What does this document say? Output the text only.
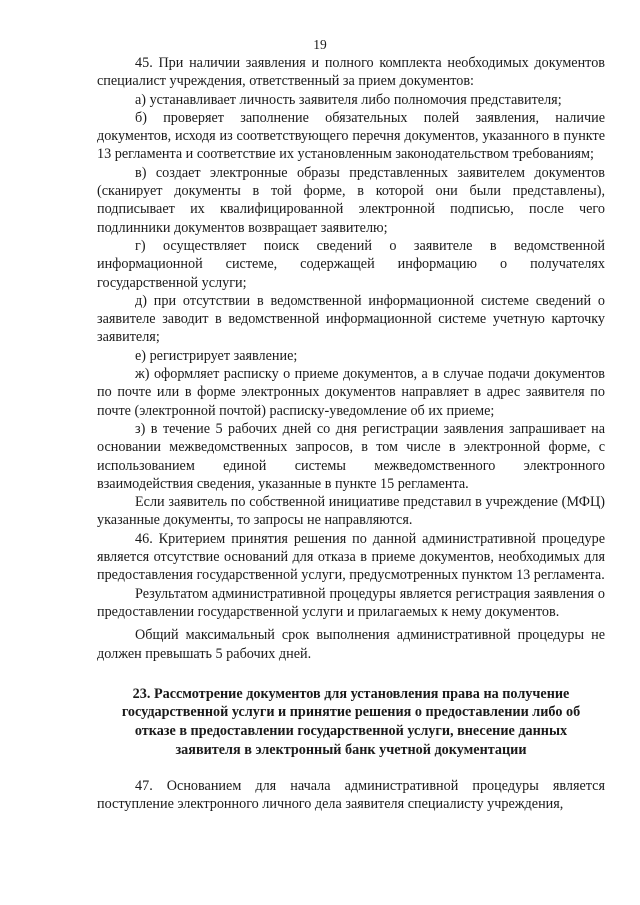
19

45. При наличии заявления и полного комплекта необходимых документов специалист учреждения, ответственный за прием документов:

а) устанавливает личность заявителя либо полномочия представителя;

б) проверяет заполнение обязательных полей заявления, наличие документов, исходя из соответствующего перечня документов, указанного в пункте 13 регламента и соответствие их установленным законодательством требованиям;

в) создает электронные образы представленных заявителем документов (сканирует документы в той форме, в которой они были представлены), подписывает их квалифицированной электронной подписью, после чего подлинники документов возвращает заявителю;

г) осуществляет поиск сведений о заявителе в ведомственной информационной системе, содержащей информацию о получателях государственной услуги;

д) при отсутствии в ведомственной информационной системе сведений о заявителе заводит в ведомственной информационной системе учетную карточку заявителя;

е) регистрирует заявление;

ж) оформляет расписку о приеме документов, а в случае подачи документов по почте или в форме электронных документов направляет в адрес заявителя по почте (электронной почтой) расписку-уведомление об их приеме;

з) в течение 5 рабочих дней со дня регистрации заявления запрашивает на основании межведомственных запросов, в том числе в электронной форме, с использованием единой системы межведомственного электронного взаимодействия сведения, указанные в пункте 15 регламента.

Если заявитель по собственной инициативе представил в учреждение (МФЦ) указанные документы, то запросы не направляются.

46. Критерием принятия решения по данной административной процедуре является отсутствие оснований для отказа в приеме документов, необходимых для предоставления государственной услуги, предусмотренных пунктом 13 регламента.

Результатом административной процедуры является регистрация заявления о предоставлении государственной услуги и прилагаемых к нему документов.

Общий максимальный срок выполнения административной процедуры не должен превышать 5 рабочих дней.

23. Рассмотрение документов для установления права на получение
государственной услуги и принятие решения о предоставлении либо об
отказе в предоставлении государственной услуги, внесение данных
заявителя в электронный банк учетной документации

47. Основанием для начала административной процедуры является поступление электронного личного дела заявителя специалисту учреждения,
